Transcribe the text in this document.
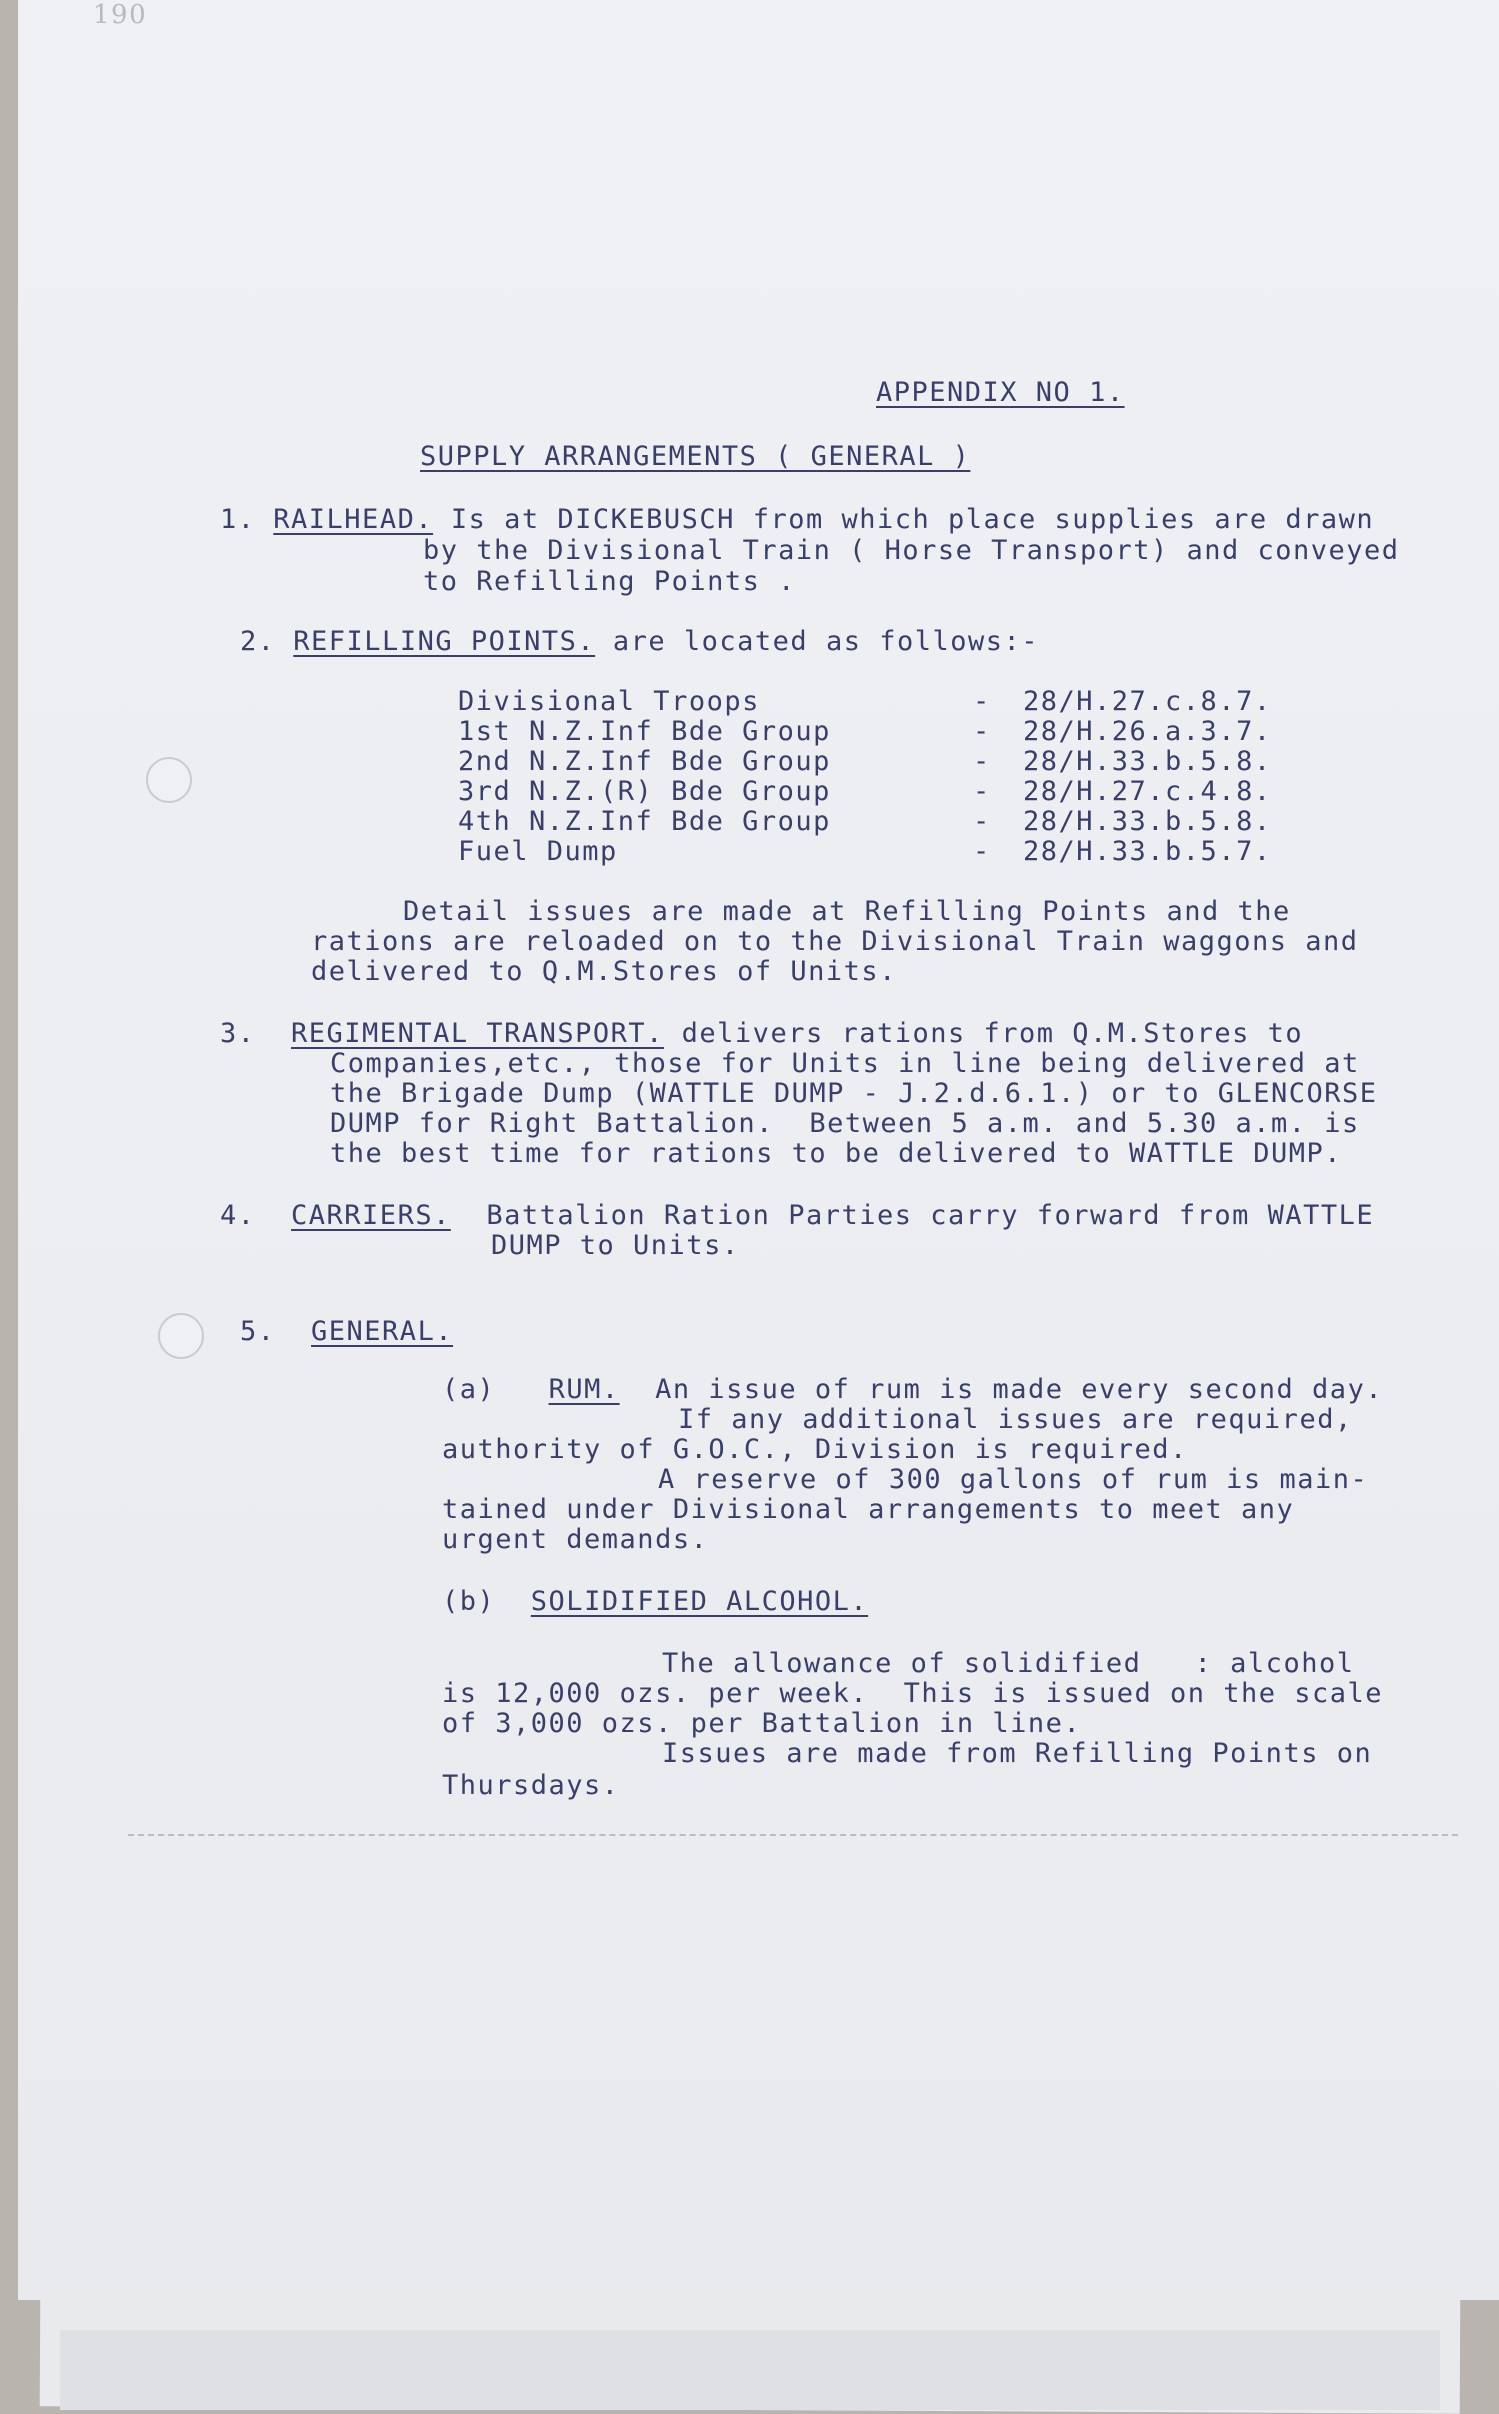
190
APPENDIX NO 1.
SUPPLY ARRANGEMENTS ( GENERAL )
1. RAILHEAD. Is at DICKEBUSCH from which place supplies are drawn
by the Divisional Train ( Horse Transport) and conveyed
to Refilling Points .
2. REFILLING POINTS. are located as follows:-
Divisional Troops	- 28/H.27.c.8.7.
1st N.Z.Inf Bde Group	- 28/H.26.a.3.7.
2nd N.Z.Inf Bde Group	- 28/H.33.b.5.8.
3rd N.Z.(R) Bde Group	- 28/H.27.c.4.8.
4th N.Z.Inf Bde Group	- 28/H.33.b.5.8.
Fuel Dump	- 28/H.33.b.5.7.
Detail issues are made at Refilling Points and the
rations are reloaded on to the Divisional Train waggons and
delivered to Q.M.Stores of Units.
3. REGIMENTAL TRANSPORT. delivers rations from Q.M.Stores to
Companies,etc., those for Units in line being delivered at
the Brigade Dump (WATTLE DUMP - J.2.d.6.1.) or to GLENCORSE
DUMP for Right Battalion.  Between 5 a.m. and 5.30 a.m. is
the best time for rations to be delivered to WATTLE DUMP.
4. CARRIERS.  Battalion Ration Parties carry forward from WATTLE
DUMP to Units.
5. GENERAL.
(a) RUM.  An issue of rum is made every second day.
If any additional issues are required,
authority of G.O.C., Division is required.
A reserve of 300 gallons of rum is main-
tained under Divisional arrangements to meet any
urgent demands.
(b) SOLIDIFIED ALCOHOL.
The allowance of solidified   : alcohol
is 12,000 ozs. per week.  This is issued on the scale
of 3,000 ozs. per Battalion in line.
Issues are made from Refilling Points on
Thursdays.
